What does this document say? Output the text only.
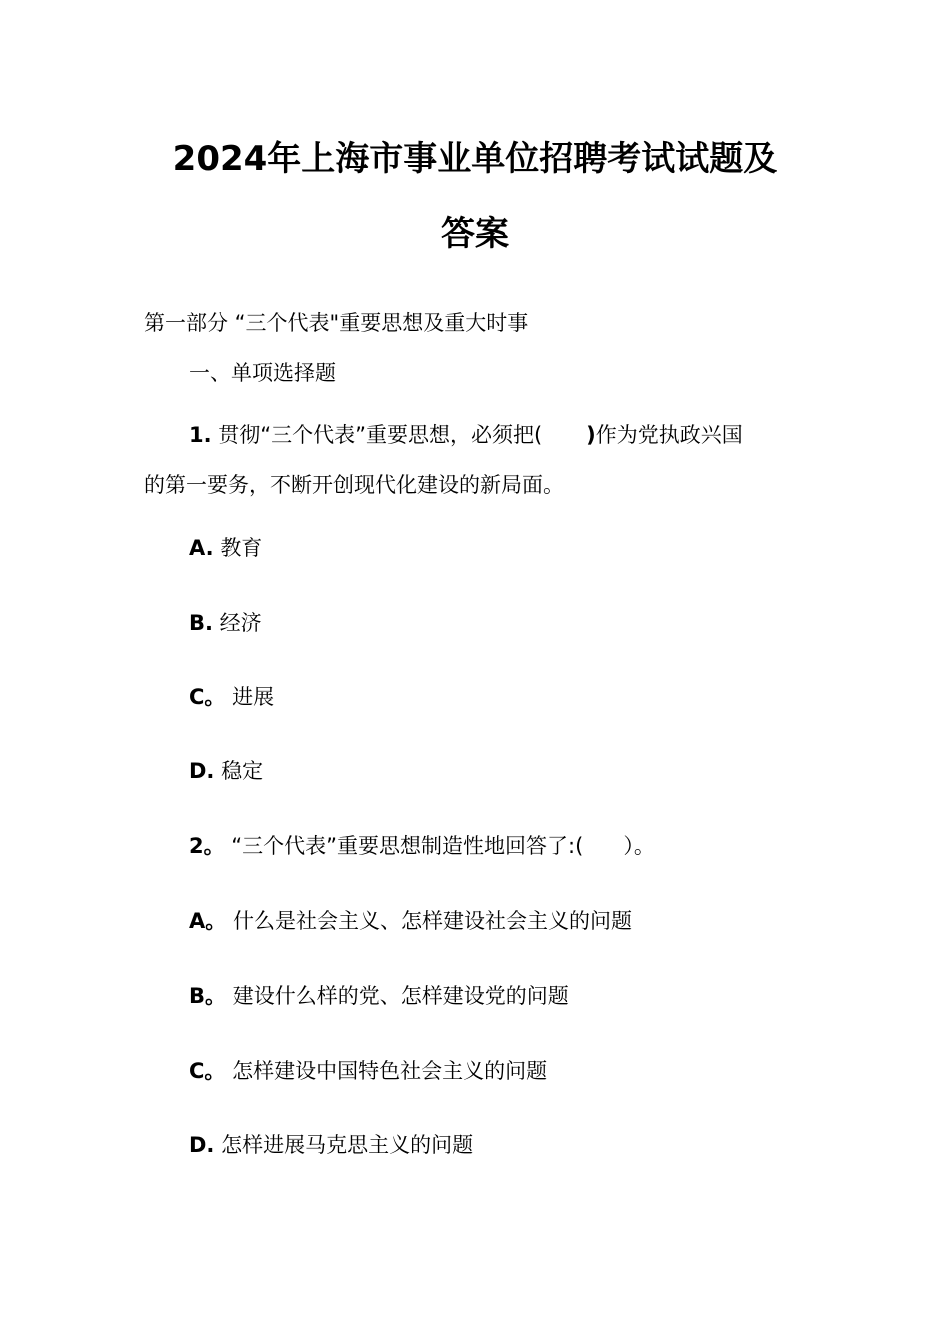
2024年上海市事业单位招聘考试试题及
答案
第一部分 “三个代表"重要思想及重大时事
一、单项选择题
1. 贯彻“三个代表”重要思想，必须把(      )作为党执政兴国
的第一要务，不断开创现代化建设的新局面。
A. 教育
B. 经济
C。 进展
D. 稳定
2。 “三个代表”重要思想制造性地回答了:(      ）。
A。 什么是社会主义、怎样建设社会主义的问题
B。 建设什么样的党、怎样建设党的问题
C。 怎样建设中国特色社会主义的问题
D. 怎样进展马克思主义的问题
